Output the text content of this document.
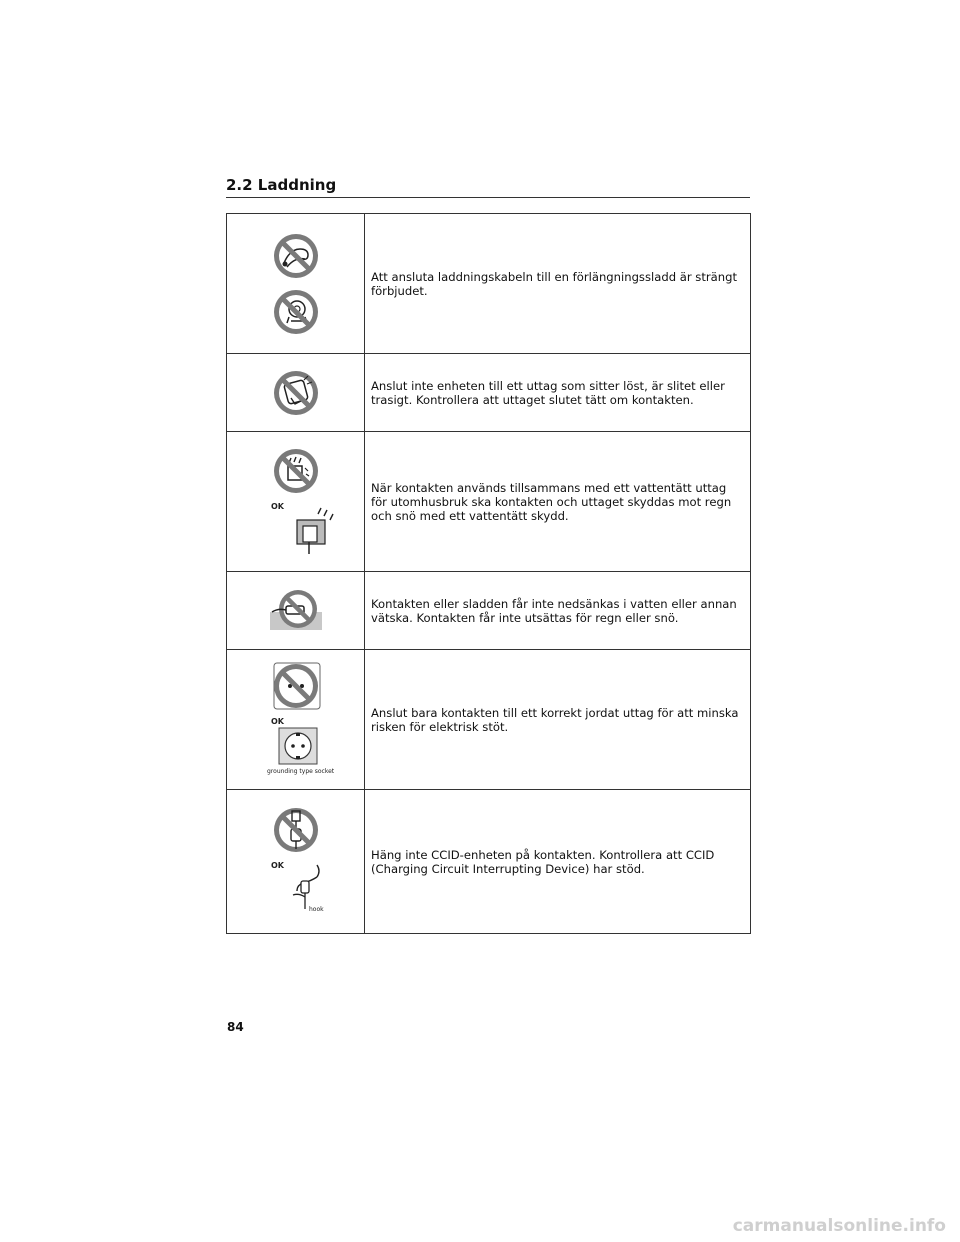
2.2 Laddning
	Att ansluta laddningskabeln till en förlängningssladd är strängt förbjudet.

	Anslut inte enheten till ett uttag som sitter löst, är slitet eller trasigt. Kontrollera att uttaget slutet tätt om kontakten.

OK	När kontakten används tillsammans med ett vattentätt uttag för utomhusbruk ska kontakten och uttaget skyddas mot regn och snö med ett vattentätt skydd.

	Kontakten eller sladden får inte nedsänkas i vatten eller annan vätska. Kontakten får inte utsättas för regn eller snö.

OK
grounding type socket	Anslut bara kontakten till ett korrekt jordat uttag för att minska risken för elektrisk stöt.

OK
hook	Häng inte CCID-enheten på kontakten. Kontrollera att CCID (Charging Circuit Interrupting Device) har stöd.
84
carmanualsonline.info
